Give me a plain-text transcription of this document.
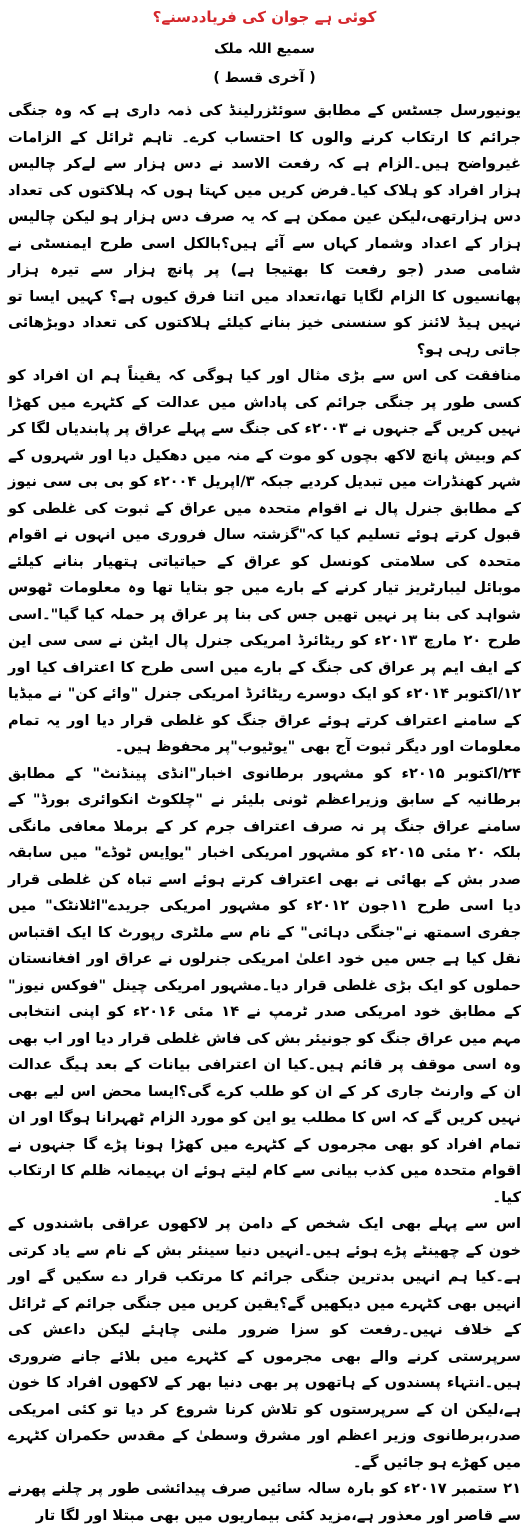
کوئی ہے جوان کی فریاددسنے؟
سمیع اللہ ملک
( آخری قسط )

یونیورسل جسٹس کے مطابق سوئٹزرلینڈ کی ذمہ داری ہے کہ وہ جنگی جرائم کا ارتکاب کرنے والوں کا احتساب کرے۔ تاہم ٹرائل کے الزامات غیرواضح ہیں۔الزام ہے کہ رفعت الاسد نے دس ہزار سے لےکر چالیس ہزار افراد کو ہلاک کیا۔فرض کریں میں کہتا ہوں کہ ہلاکتوں کی تعداد دس ہزارتھی،لیکن عین ممکن ہے کہ یہ صرف دس ہزار ہو لیکن چالیس ہزار کے اعداد وشمار کہاں سے آئے ہیں؟بالکل اسی طرح ایمنسٹی نے شامی صدر (جو رفعت کا بھتیجا ہے) پر پانچ ہزار سے تیرہ ہزار پھانسیوں کا الزام لگایا تھا،تعداد میں اتنا فرق کیوں ہے؟ کہیں ایسا تو نہیں ہیڈ لائنز کو سنسنی خیز بنانے کیلئے ہلاکتوں کی تعداد دوبڑھائی جاتی رہی ہو؟

منافقت کی اس سے بڑی مثال اور کیا ہوگی کہ یقیناً ہم ان افراد کو کسی طور پر جنگی جرائم کی پاداش میں عدالت کے کٹہرے میں کھڑا نہیں کریں گے جنہوں نے ۲۰۰۳ء کی جنگ سے پہلے عراق پر پابندیاں لگا کر کم وبیش پانچ لاکھ بچوں کو موت کے منہ میں دھکیل دیا اور شہروں کے شہر کھنڈرات میں تبدیل کردیے جبکہ ۳/اپریل ۲۰۰۴ء کو بی بی سی نیوز کے مطابق جنرل پال نے اقوام متحدہ میں عراق کے ثبوت کی غلطی کو قبول کرتے ہوئے تسلیم کیا کہ"گزشتہ سال فروری میں انہوں نے اقوام متحدہ کی سلامتی کونسل کو عراق کے حیاتیاتی ہتھیار بنانے کیلئے موبائل لیبارٹریز تیار کرنے کے بارے میں جو بتایا تھا وہ معلومات ٹھوس شواہد کی بنا پر نہیں تھیں جس کی بنا پر عراق پر حملہ کیا گیا"۔اسی طرح ۲۰ مارچ ۲۰۱۳ء کو ریٹائرڈ امریکی جنرل پال ایٹن نے سی سی این کے ایف ایم پر عراق کی جنگ کے بارے میں اسی طرح کا اعتراف کیا اور ۱۲/اکتوبر ۲۰۱۴ء کو ایک دوسرے ریٹائرڈ امریکی جنرل "وائے کن" نے میڈیا کے سامنے اعتراف کرتے ہوئے عراق جنگ کو غلطی قرار دیا اور یہ تمام معلومات اور دیگر ثبوت آج بھی "یوٹیوب"پر محفوظ ہیں۔

۲۴/اکتوبر ۲۰۱۵ء کو مشہور برطانوی اخبار"انڈی پینڈنٹ" کے مطابق برطانیہ کے سابق وزیراعظم ٹونی بلیئر نے "چلکوٹ انکوائری بورڈ" کے سامنے عراق جنگ پر نہ صرف اعتراف جرم کر کے برملا معافی مانگی بلکہ ۲۰ مئی ۲۰۱۵ء کو مشہور امریکی اخبار "یواِیس ٹوڈے" میں سابقہ صدر بش کے بھائی نے بھی اعتراف کرتے ہوئے اسے تباہ کن غلطی قرار دیا اسی طرح ۱۱جون ۲۰۱۲ء کو مشہور امریکی جریدے"اٹلانٹک" میں جفری اسمتھ نے"جنگی دہائی" کے نام سے ملٹری رپورٹ کا ایک اقتباس نقل کیا ہے جس میں خود اعلیٰ امریکی جنرلوں نے عراق اور افغانستان حملوں کو ایک بڑی غلطی قرار دیا۔مشہور امریکی چینل "فوکس نیوز" کے مطابق خود امریکی صدر ٹرمپ نے ۱۴ مئی ۲۰۱۶ء کو اپنی انتخابی مہم میں عراق جنگ کو جونیئر بش کی فاش غلطی قرار دیا اور اب بھی وہ اسی موقف پر قائم ہیں۔کیا ان اعترافی بیانات کے بعد ہیگ عدالت ان کے وارنٹ جاری کر کے ان کو طلب کرے گی؟ایسا محض اس لیے بھی نہیں کریں گے کہ اس کا مطلب یو این کو مورد الزام ٹھہرانا ہوگا اور ان تمام افراد کو بھی مجرموں کے کٹہرے میں کھڑا ہونا پڑے گا جنہوں نے اقوام متحدہ میں کذب بیانی سے کام لیتے ہوئے ان بہیمانہ ظلم کا ارتکاب کیا۔

اس سے پہلے بھی ایک شخص کے دامن پر لاکھوں عراقی باشندوں کے خون کے چھینٹے پڑے ہوئے ہیں۔انہیں دنیا سینئر بش کے نام سے یاد کرتی ہے۔کیا ہم انہیں بدترین جنگی جرائم کا مرتکب قرار دے سکیں گے اور انہیں بھی کٹہرے میں دیکھیں گے؟یقین کریں میں جنگی جرائم کے ٹرائل کے خلاف نہیں۔رفعت کو سزا ضرور ملنی چاہئے لیکن داعش کی سرپرستی کرنے والے بھی مجرموں کے کٹہرے میں بلائے جانے ضروری ہیں۔انتہاء پسندوں کے ہاتھوں پر بھی دنیا بھر کے لاکھوں افراد کا خون ہے،لیکن ان کے سرپرستوں کو تلاش کرنا شروع کر دیا تو کئی امریکی صدر،برطانوی وزیر اعظم اور مشرق وسطیٰ کے مقدس حکمران کٹہرے میں کھڑے ہو جائیں گے۔

۲۱ ستمبر ۲۰۱۷ء کو بارہ سالہ سائیں صرف پیدائشی طور پر چلنے پھرنے سے قاصر اور معذور ہے،مزید کئی بیماریوں میں بھی مبتلا اور لگا تار
